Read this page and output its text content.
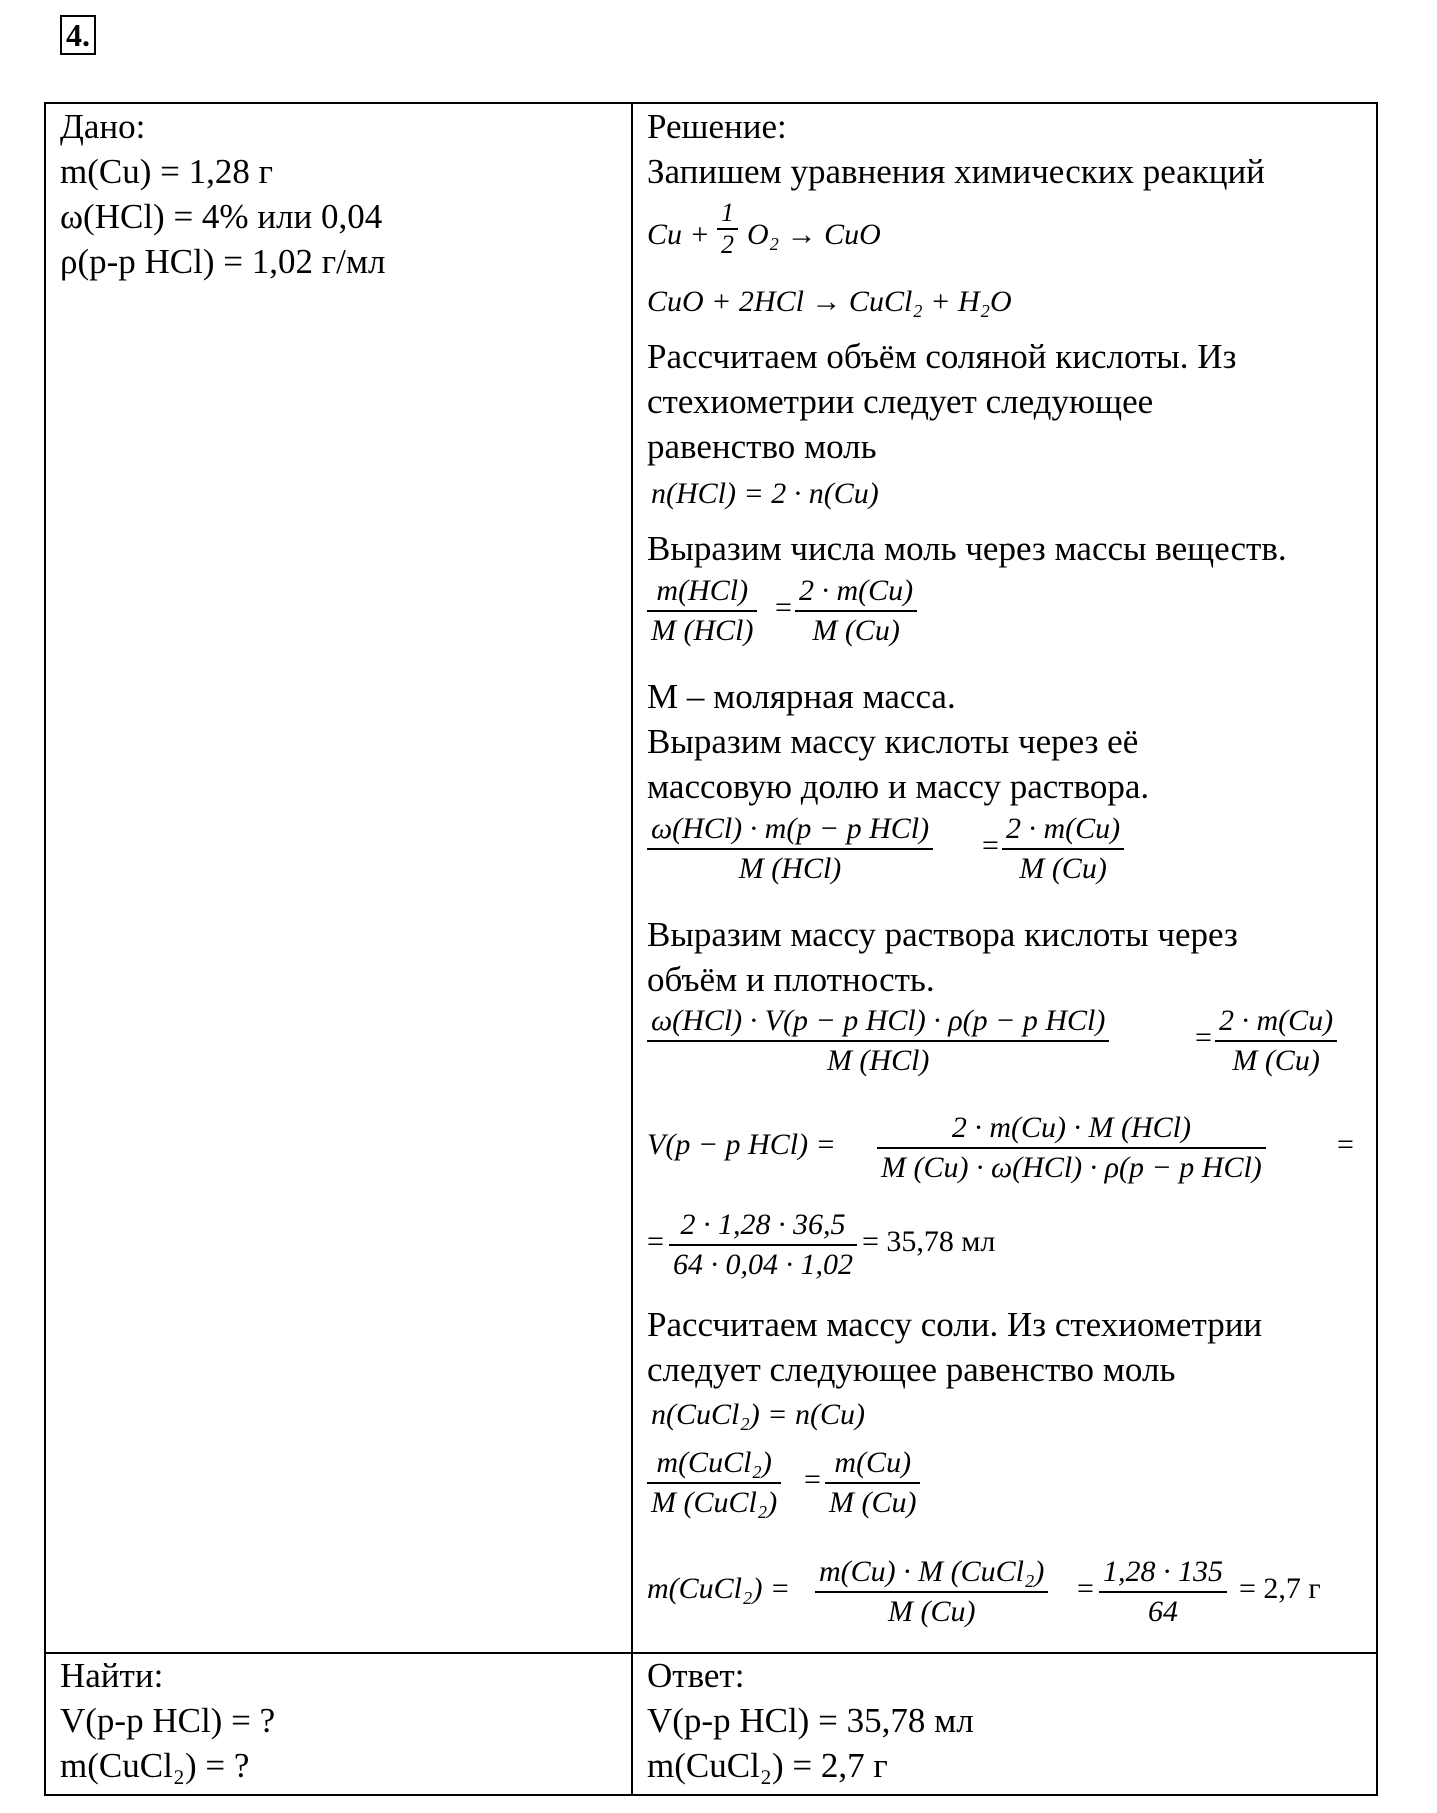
4.
Дано:
m(Cu) = 1,28 г
ω(HCl) = 4% или 0,04
ρ(р-р HCl) = 1,02 г/мл
Найти:
V(р-р HCl) = ?
m(CuCl₂) = ?
Ответ:
V(р-р HCl) = 35,78 мл
m(CuCl₂) = 2,7 г
Решение:
Запишем уравнения химических реакций
Cu +
1
2 O₂ → CuO
CuO + 2HCl → CuCl₂ + H₂O
Рассчитаем объём соляной кислоты. Из
стехиометрии следует следующее
равенство моль
n(HCl) = 2 · n(Cu)
Выразим числа моль через массы веществ.
m(HCl)
M (HCl)
=
2 · m(Cu)
M (Cu)
М – молярная масса.
Выразим массу кислоты через её
массовую долю и массу раствора.
ω(HCl) · m(p − p HCl)
M (HCl)
=
2 · m(Cu)
M (Cu)
Выразим массу раствора кислоты через
объём и плотность.
ω(HCl) · V(p − p HCl) · ρ(p − p HCl)
M (HCl)
=
2 · m(Cu)
M (Cu)
V(p − p HCl) =
2 · m(Cu) · M (HCl)
M (Cu) · ω(HCl) · ρ(p − p HCl)
=
=
2 · 1,28 · 36,5
64 · 0,04 · 1,02
= 35,78 мл
Рассчитаем массу соли. Из стехиометрии
следует следующее равенство моль
n(CuCl₂) = n(Cu)
m(CuCl₂)
M (CuCl₂)
=
m(Cu)
M (Cu)
m(CuCl₂) =
m(Cu) · M (CuCl₂)
M (Cu)
=
1,28 · 135
64
= 2,7 г
